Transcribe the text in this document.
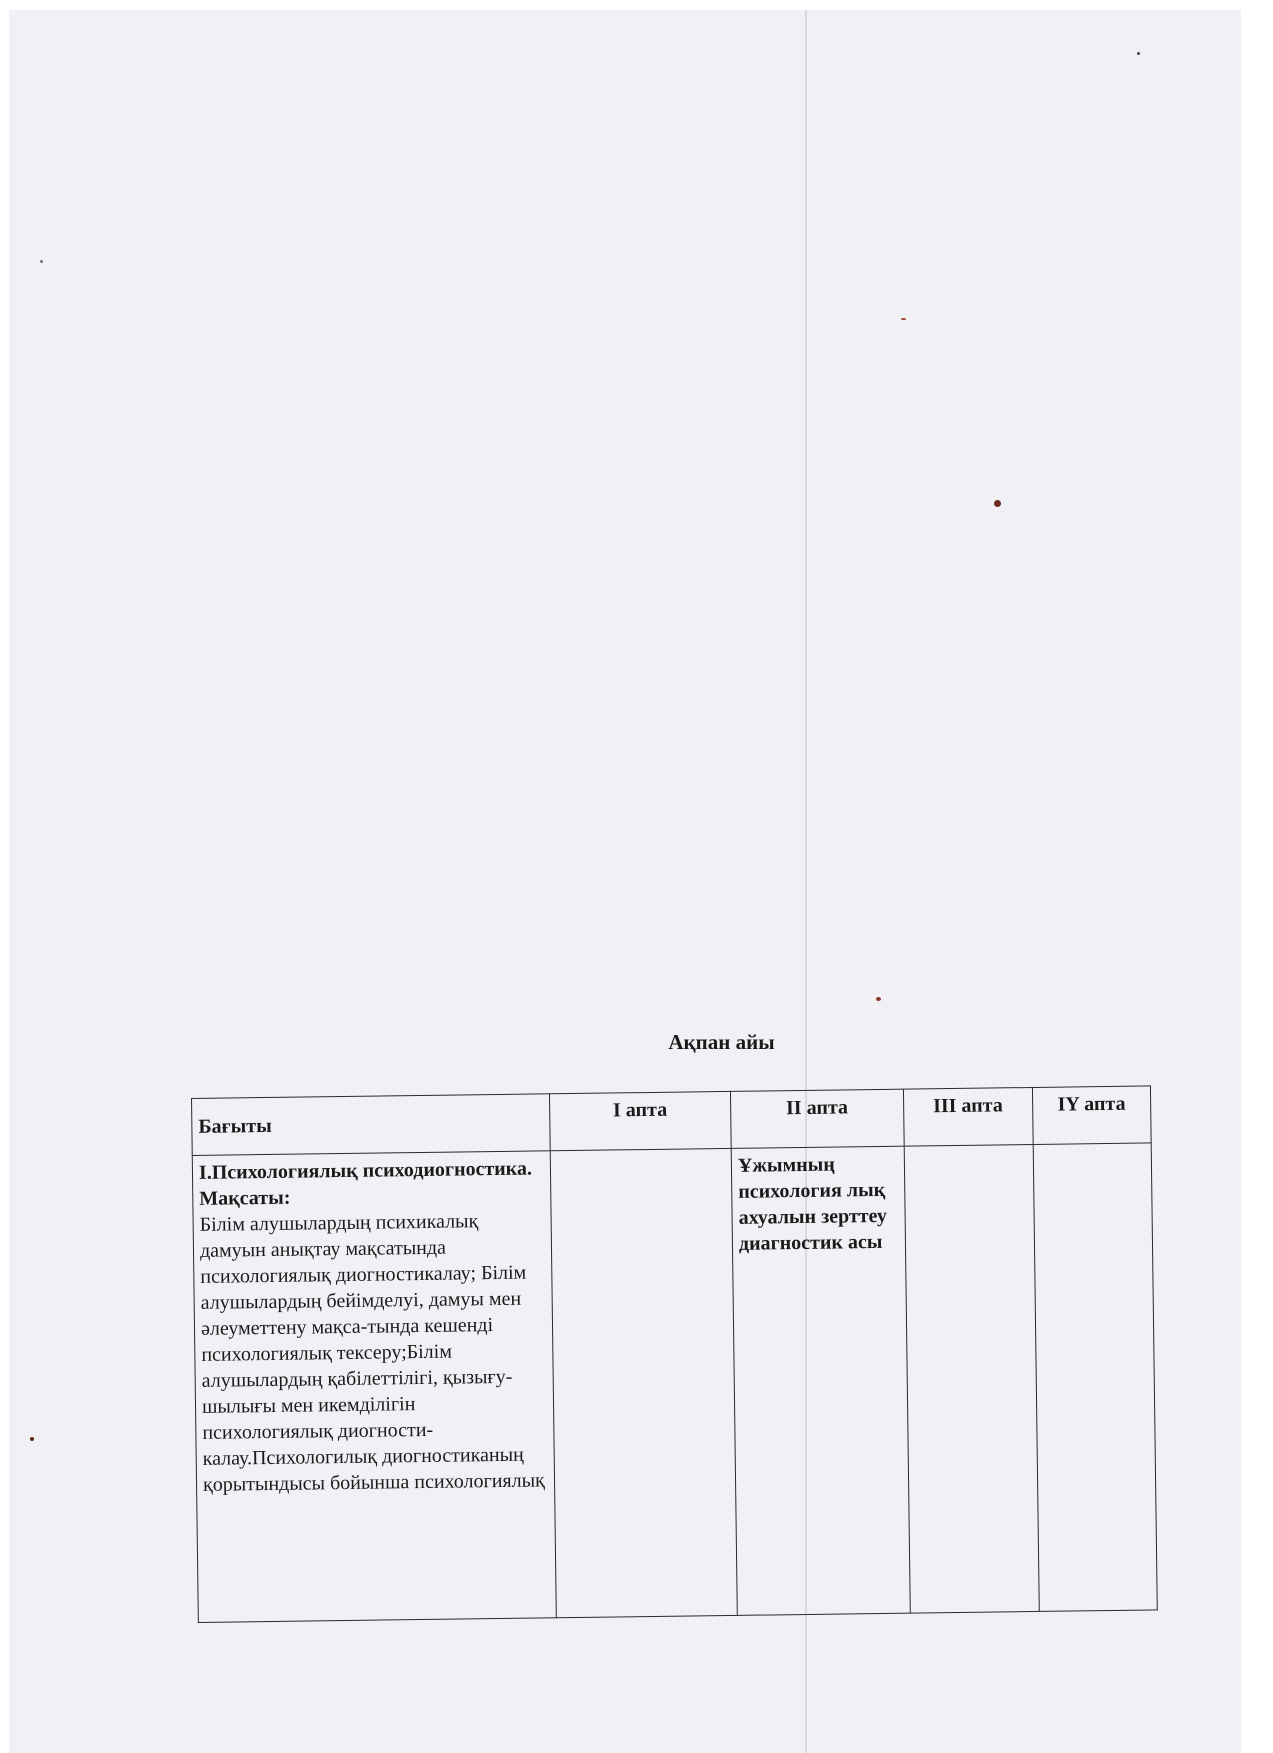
Ақпан айы
Бағыты	І апта	ІІ апта	ІІІ апта	ІY апта

І.Психологиялық психодиогностика.
Мақсаты:
Білім алушылардың психикалық дамуын анықтау мақсатында психологиялық диогностикалау; Білім алушылардың бейімделуі, дамуы мен әлеуметтену мақса-тында кешенді психологиялық тексеру;Білім алушылардың қабілеттілігі, қызығу-шылығы мен икемділігін психологиялық диогности-калау.Психологилық диогностиканың қорытындысы бойынша психологиялық		Ұжымның психология лық ахуалын зерттеу диагностик асы		
